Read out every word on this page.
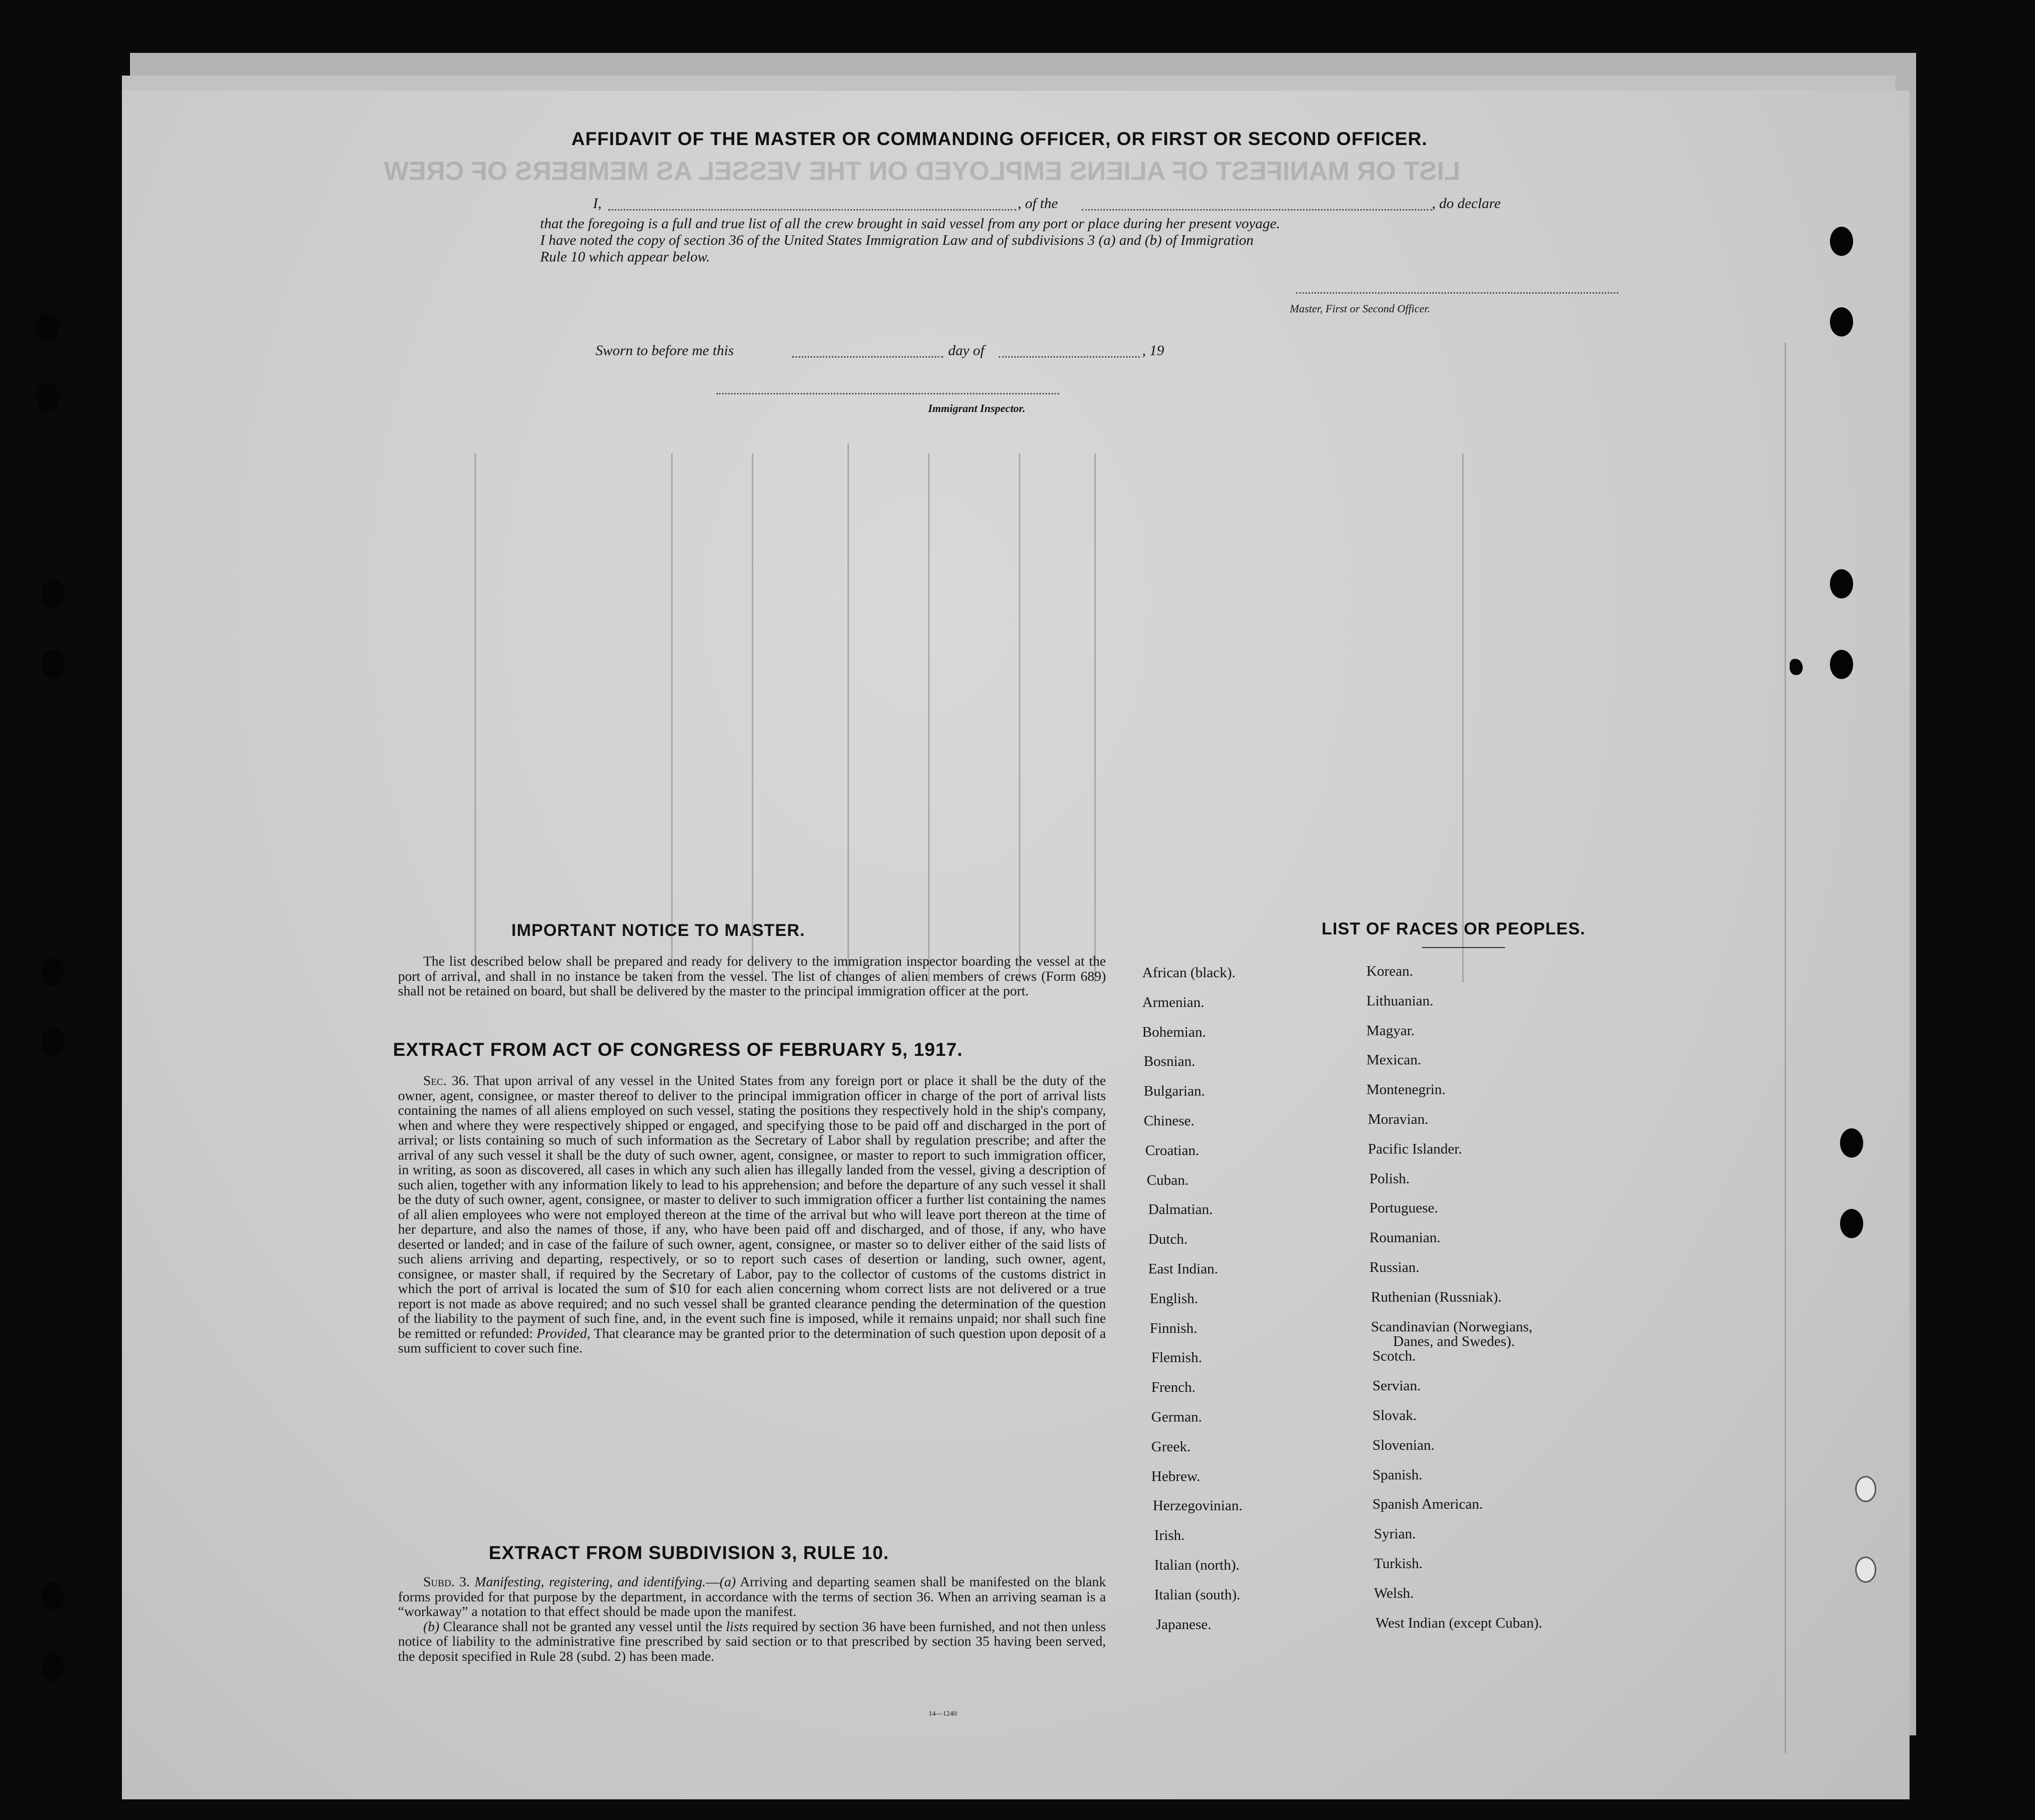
LIST OR MANIFEST OF ALIENS EMPLOYED ON THE VESSEL AS MEMBERS OF CREW
AFFIDAVIT OF THE MASTER OR COMMANDING OFFICER, OR FIRST OR SECOND OFFICER.
I,	, of the	, do declare
that the foregoing is a full and true list of all the crew brought in said vessel from any port or place during her present voyage.
I have noted the copy of section 36 of the United States Immigration Law and of subdivisions 3 (a) and (b) of Immigration
Rule 10 which appear below.
Master, First or Second Officer.
Sworn to before me this	day of	, 19
Immigrant Inspector.
IMPORTANT NOTICE TO MASTER.
The list described below shall be prepared and ready for delivery to the immigration inspector boarding the vessel at the port of arrival, and shall in no instance be taken from the vessel. The list of changes of alien members of crews (Form 689) shall not be retained on board, but shall be delivered by the master to the principal immigration officer at the port.
EXTRACT FROM ACT OF CONGRESS OF FEBRUARY 5, 1917.
Sec. 36. That upon arrival of any vessel in the United States from any foreign port or place it shall be the duty of the owner, agent, consignee, or master thereof to deliver to the principal immigration officer in charge of the port of arrival lists containing the names of all aliens employed on such vessel, stating the positions they respectively hold in the ship's company, when and where they were respectively shipped or engaged, and specifying those to be paid off and discharged in the port of arrival; or lists containing so much of such information as the Secretary of Labor shall by regulation prescribe; and after the arrival of any such vessel it shall be the duty of such owner, agent, consignee, or master to report to such immigration officer, in writing, as soon as discovered, all cases in which any such alien has illegally landed from the vessel, giving a description of such alien, together with any information likely to lead to his apprehension; and before the departure of any such vessel it shall be the duty of such owner, agent, consignee, or master to deliver to such immigration officer a further list containing the names of all alien employees who were not employed thereon at the time of the arrival but who will leave port thereon at the time of her departure, and also the names of those, if any, who have been paid off and discharged, and of those, if any, who have deserted or landed; and in case of the failure of such owner, agent, consignee, or master so to deliver either of the said lists of such aliens arriving and departing, respectively, or so to report such cases of desertion or landing, such owner, agent, consignee, or master shall, if required by the Secretary of Labor, pay to the collector of customs of the customs district in which the port of arrival is located the sum of $10 for each alien concerning whom correct lists are not delivered or a true report is not made as above required; and no such vessel shall be granted clearance pending the determination of the question of the liability to the payment of such fine, and, in the event such fine is imposed, while it remains unpaid; nor shall such fine be remitted or refunded: Provided, That clearance may be granted prior to the determination of such question upon deposit of a sum sufficient to cover such fine.
EXTRACT FROM SUBDIVISION 3, RULE 10.

Subd. 3. Manifesting, registering, and identifying.—(a) Arriving and departing seamen shall be manifested on the blank forms provided for that purpose by the department, in accordance with the terms of section 36. When an arriving seaman is a “workaway” a notation to that effect should be made upon the manifest.

(b) Clearance shall not be granted any vessel until the lists required by section 36 have been furnished, and not then unless notice of liability to the administrative fine prescribed by said section or to that prescribed by section 35 having been served, the deposit specified in Rule 28 (subd. 2) has been made.

14—1240
LIST OF RACES OR PEOPLES.
Danes, and Swedes).
African (black).
Armenian.
Bohemian.
Bosnian.
Bulgarian.
Chinese.
Croatian.
Cuban.
Dalmatian.
Dutch.
East Indian.
English.
Finnish.
Flemish.
French.
German.
Greek.
Hebrew.
Herzegovinian.
Irish.
Italian (north).
Italian (south).
Japanese.
Korean.
Lithuanian.
Magyar.
Mexican.
Montenegrin.
Moravian.
Pacific Islander.
Polish.
Portuguese.
Roumanian.
Russian.
Ruthenian (Russniak).
Scandinavian (Norwegians,
Scotch.
Servian.
Slovak.
Slovenian.
Spanish.
Spanish American.
Syrian.
Turkish.
Welsh.
West Indian (except Cuban).
